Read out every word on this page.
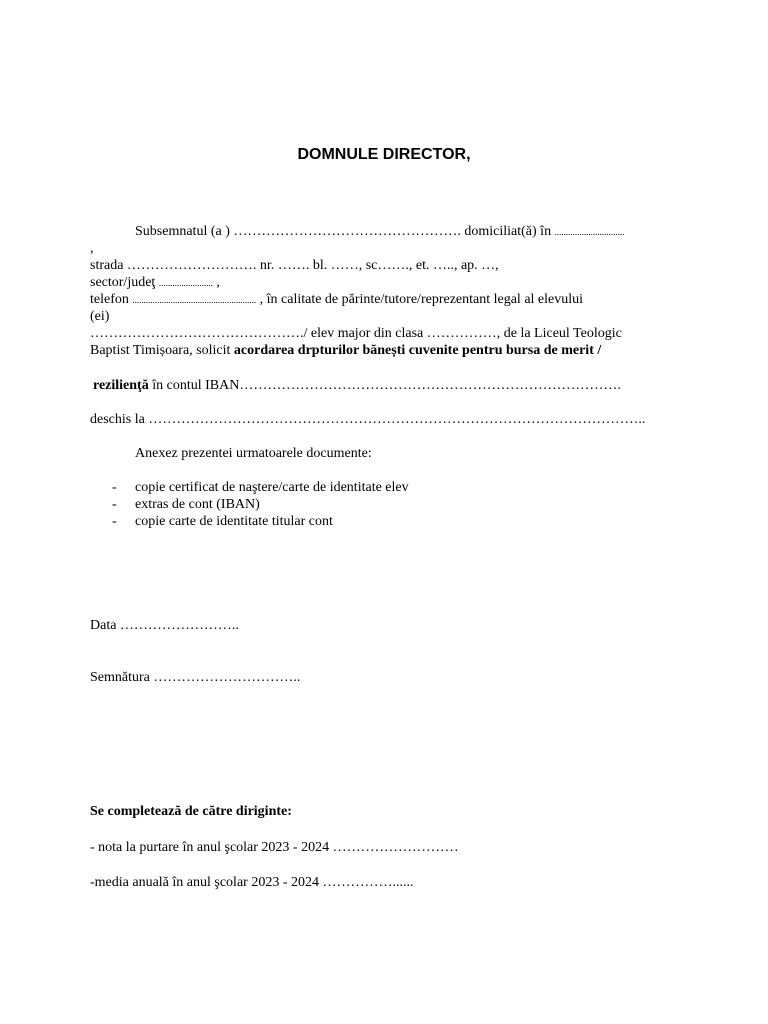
DOMNULE DIRECTOR,
Subsemnatul (a ) …………………………………………. domiciliat(ă) în ...............................
,
strada ………………………. nr. ……. bl. ……, sc……., et. ….., ap. …,
sector/judeţ ........................ ,
telefon ....................................................... , în calitate de părinte/tutore/reprezentant legal al elevului
(ei)
………………………………………./ elev major din clasa ……………, de la Liceul Teologic
Baptist Timișoara, solicit acordarea drpturilor bănești cuvenite pentru bursa de merit /
rezilienţă în contul IBAN……………………………………………………………………….
deschis la ……………………………………………………………………………………………..
Anexez prezentei urmatoarele documente:
- copie certificat de naştere/carte de identitate elev
- extras de cont (IBAN)
- copie carte de identitate titular cont
Data ……………………..
Semnătura …………………………..
Se completează de către diriginte:
- nota la purtare în anul şcolar 2023 - 2024 ………………………
-media anuală în anul şcolar 2023 - 2024 ……………......
